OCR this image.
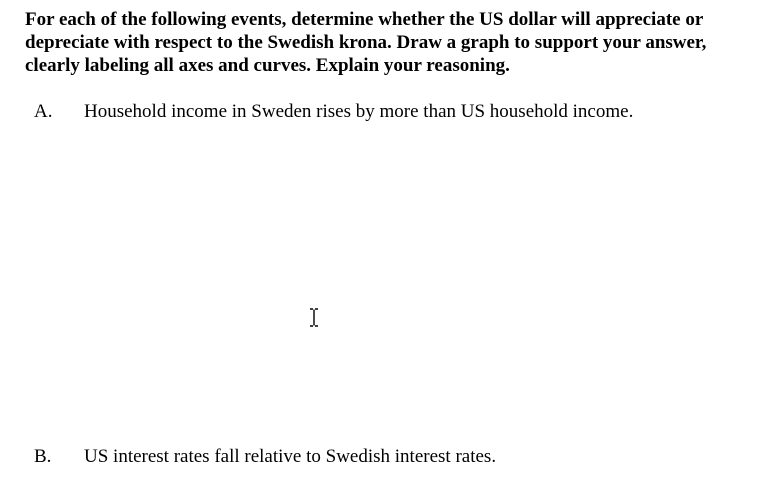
For each of the following events, determine whether the US dollar will appreciate or depreciate with respect to the Swedish krona. Draw a graph to support your answer, clearly labeling all axes and curves. Explain your reasoning.

A.	Household income in Sweden rises by more than US household income.
B.	US interest rates fall relative to Swedish interest rates.
